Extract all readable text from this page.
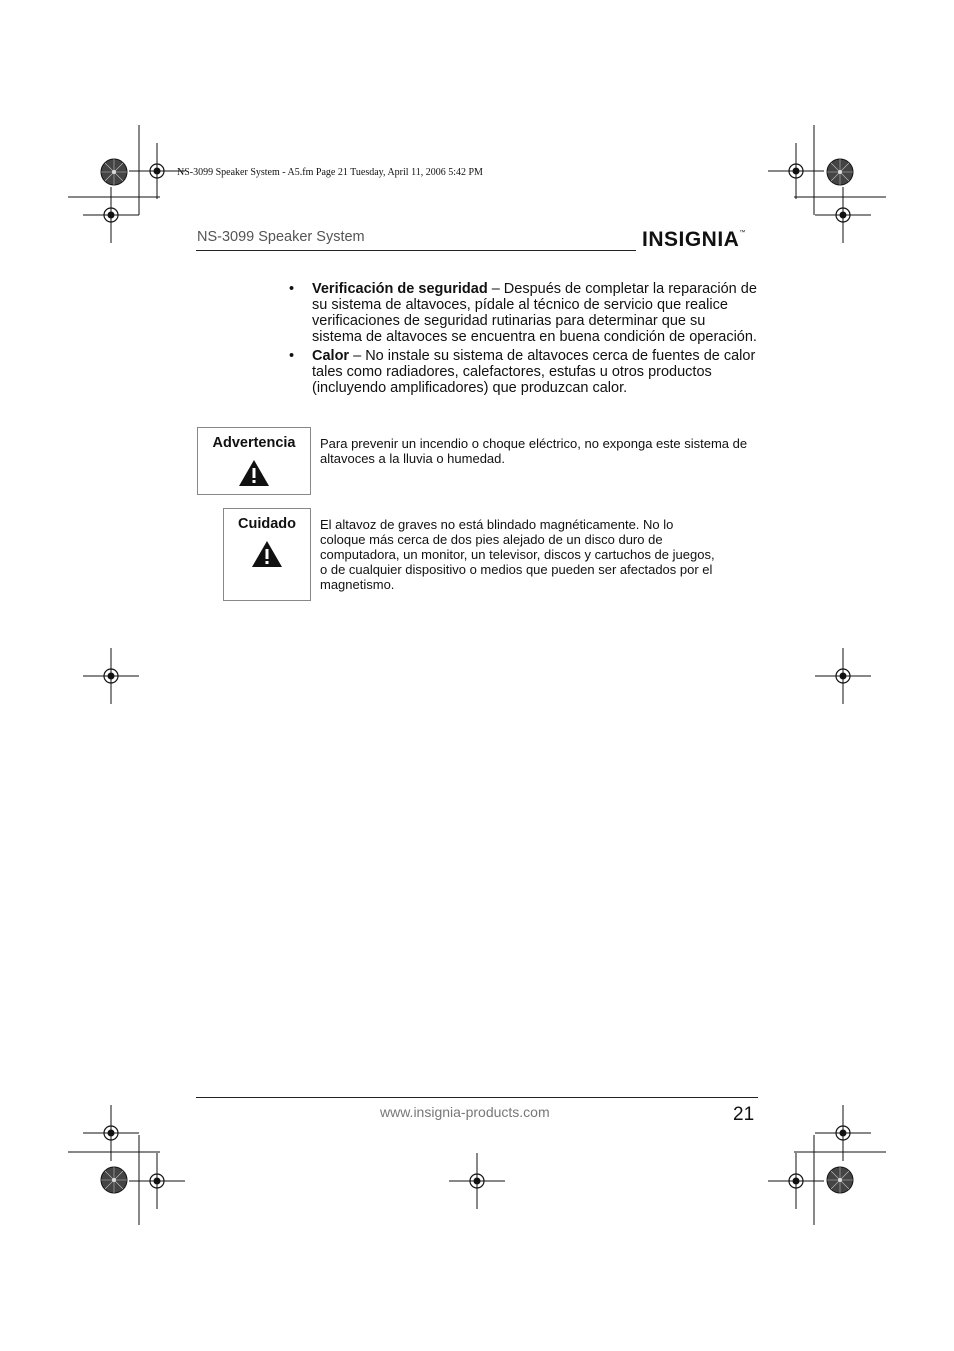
NS-3099 Speaker System - A5.fm Page 21 Tuesday, April 11, 2006 5:42 PM
NS-3099 Speaker System	INSIGNIA™
•	Verificación de seguridad – Después de completar la reparación de su sistema de altavoces, pídale al técnico de servicio que realice verificaciones de seguridad rutinarias para determinar que su sistema de altavoces se encuentra en buena condición de operación.
•	Calor – No instale su sistema de altavoces cerca de fuentes de calor tales como radiadores, calefactores, estufas u otros productos (incluyendo amplificadores) que produzcan calor.
Advertencia	Para prevenir un incendio o choque eléctrico, no exponga este sistema de altavoces a la lluvia o humedad.
Cuidado	El altavoz de graves no está blindado magnéticamente. No lo coloque más cerca de dos pies alejado de un disco duro de computadora, un monitor, un televisor, discos y cartuchos de juegos, o de cualquier dispositivo o medios que pueden ser afectados por el magnetismo.
www.insignia-products.com	21
